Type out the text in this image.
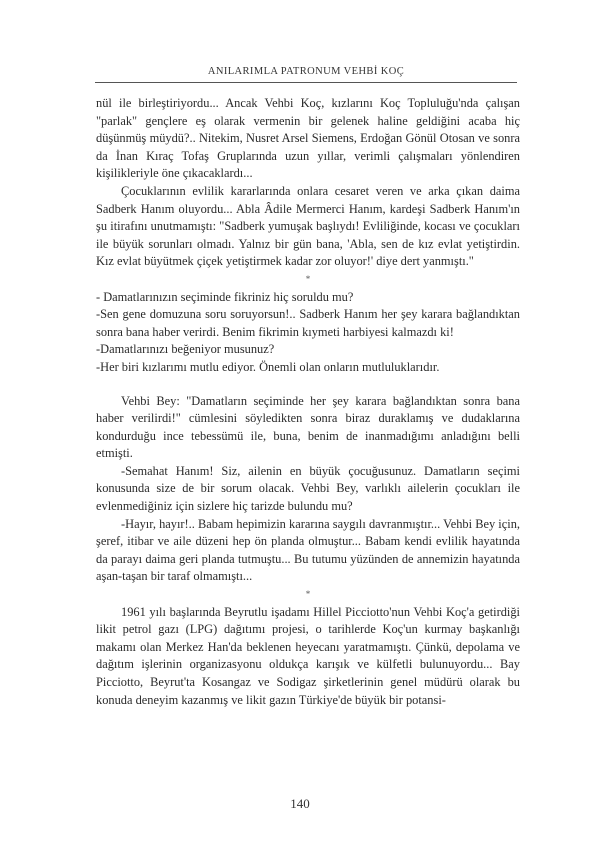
ANILARIMLA PATRONUM VEHBİ KOÇ

nül ile birleştiriyordu... Ancak Vehbi Koç, kızlarını Koç Topluluğu'nda çalışan "parlak" gençlere eş olarak vermenin bir gelenek haline geldiğini acaba hiç düşünmüş müydü?.. Nitekim, Nusret Arsel Siemens, Erdoğan Gönül Otosan ve sonra da İnan Kıraç Tofaş Gruplarında uzun yıllar, verimli çalışmaları yönlendiren kişilikleriyle öne çıkacaklardı...

Çocuklarının evlilik kararlarında onlara cesaret veren ve arka çıkan daima Sadberk Hanım oluyordu... Abla Âdile Mermerci Hanım, kardeşi Sadberk Hanım'ın şu itirafını unutmamıştı: "Sadberk yumuşak başlıydı! Evliliğinde, kocası ve çocukları ile büyük sorunları olmadı. Yalnız bir gün bana, 'Abla, sen de kız evlat yetiştirdin. Kız evlat büyütmek çiçek yetiştirmek kadar zor oluyor!' diye dert yanmıştı."

*

- Damatlarınızın seçiminde fikriniz hiç soruldu mu?

-Sen gene domuzuna soru soruyorsun!.. Sadberk Hanım her şey karara bağlandıktan sonra bana haber verirdi. Benim fikrimin kıymeti harbiyesi kalmazdı ki!

-Damatlarınızı beğeniyor musunuz?

-Her biri kızlarımı mutlu ediyor. Önemli olan onların mutluluklarıdır.

Vehbi Bey: "Damatların seçiminde her şey karara bağlandıktan sonra bana haber verilirdi!" cümlesini söyledikten sonra biraz duraklamış ve dudaklarına kondurduğu ince tebessümü ile, buna, benim de inanmadığımı anladığını belli etmişti.

-Semahat Hanım! Siz, ailenin en büyük çocuğusunuz. Damatların seçimi konusunda size de bir sorum olacak. Vehbi Bey, varlıklı ailelerin çocukları ile evlenmediğiniz için sizlere hiç tarizde bulundu mu?

-Hayır, hayır!.. Babam hepimizin kararına saygılı davranmıştır... Vehbi Bey için, şeref, itibar ve aile düzeni hep ön planda olmuştur... Babam kendi evlilik hayatında da parayı daima geri planda tutmuştu... Bu tutumu yüzünden de annemizin hayatında aşan-taşan bir taraf olmamıştı...

*

1961 yılı başlarında Beyrutlu işadamı Hillel Picciotto'nun Vehbi Koç'a getirdiği likit petrol gazı (LPG) dağıtımı projesi, o tarihlerde Koç'un kurmay başkanlığı makamı olan Merkez Han'da beklenen heyecanı yaratmamıştı. Çünkü, depolama ve dağıtım işlerinin organizasyonu oldukça karışık ve külfetli bulunuyordu... Bay Picciotto, Beyrut'ta Kosangaz ve Sodigaz şirketlerinin genel müdürü olarak bu konuda deneyim kazanmış ve likit gazın Türkiye'de büyük bir potansi-

140
